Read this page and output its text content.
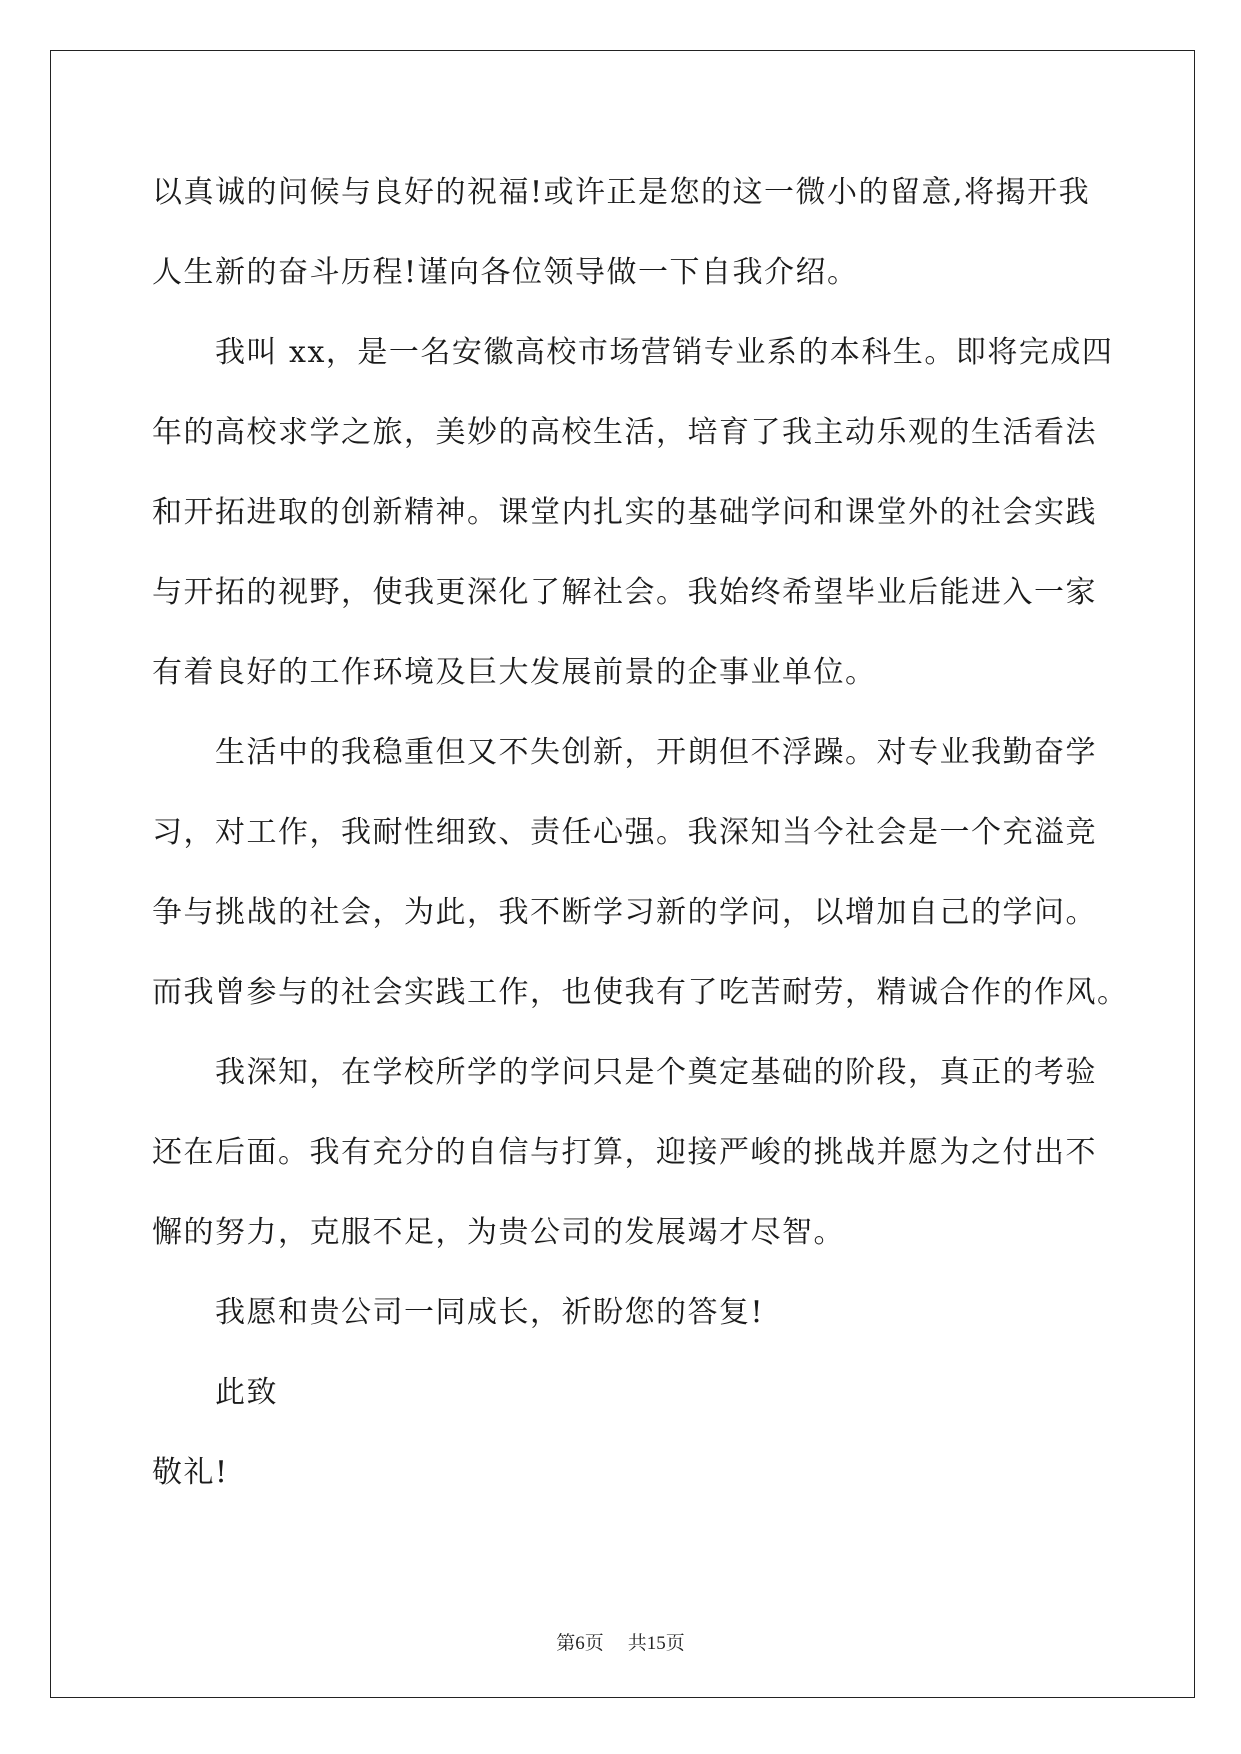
以真诚的问候与良好的祝福!或许正是您的这一微小的留意,将揭开我
人生新的奋斗历程!谨向各位领导做一下自我介绍。
我叫 xx，是一名安徽高校市场营销专业系的本科生。即将完成四
年的高校求学之旅，美妙的高校生活，培育了我主动乐观的生活看法
和开拓进取的创新精神。课堂内扎实的基础学问和课堂外的社会实践
与开拓的视野，使我更深化了解社会。我始终希望毕业后能进入一家
有着良好的工作环境及巨大发展前景的企事业单位。
生活中的我稳重但又不失创新，开朗但不浮躁。对专业我勤奋学
习，对工作，我耐性细致、责任心强。我深知当今社会是一个充溢竞
争与挑战的社会，为此，我不断学习新的学问，以增加自己的学问。
而我曾参与的社会实践工作，也使我有了吃苦耐劳，精诚合作的作风。
我深知，在学校所学的学问只是个奠定基础的阶段，真正的考验
还在后面。我有充分的自信与打算，迎接严峻的挑战并愿为之付出不
懈的努力，克服不足，为贵公司的发展竭才尽智。
我愿和贵公司一同成长，祈盼您的答复!
此致
敬礼!
第6页 共15页
